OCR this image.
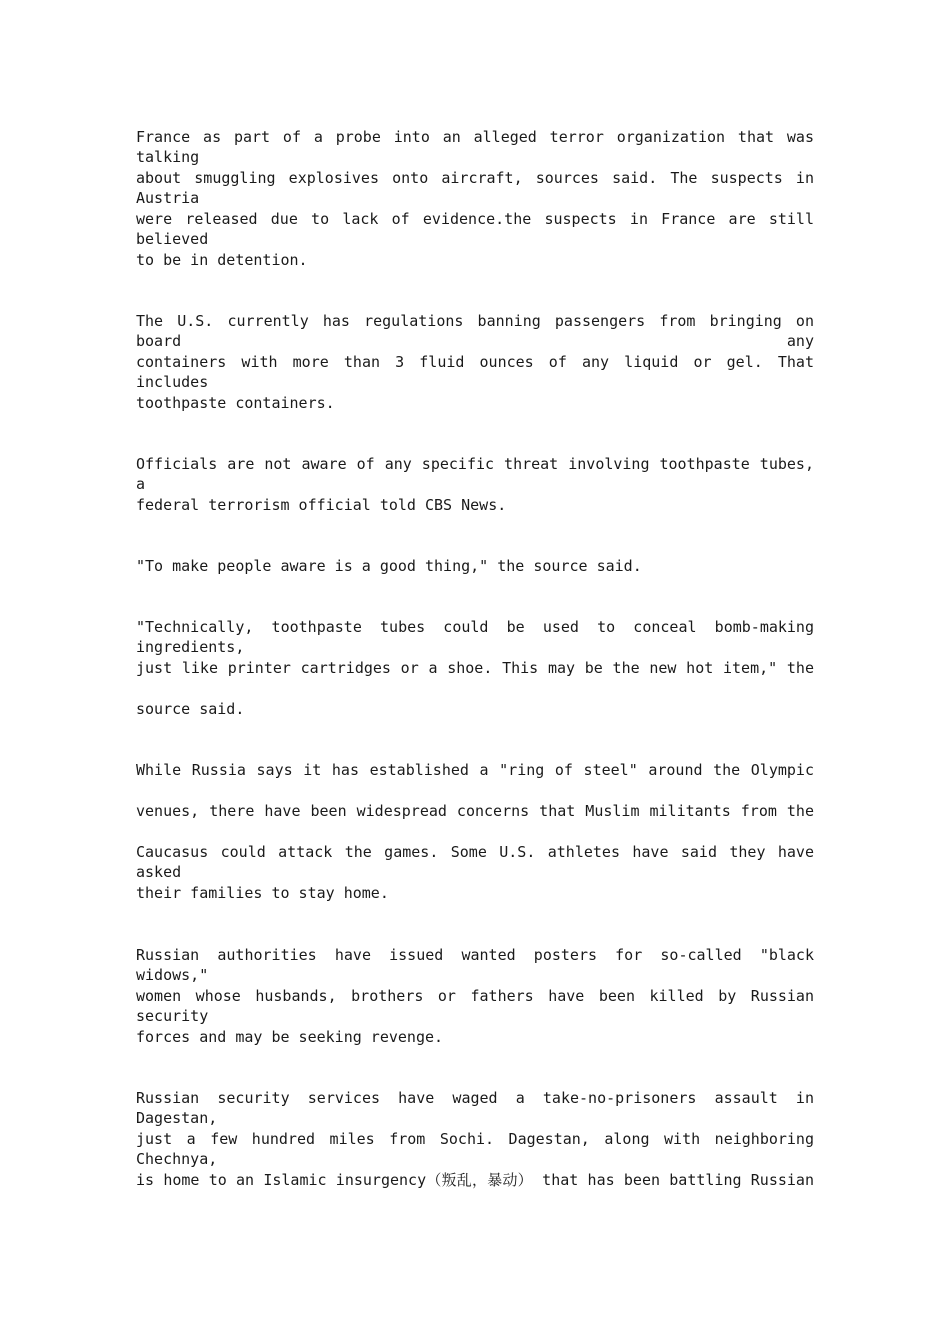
France as part of a probe into an alleged terror organization that was talking
about smuggling explosives onto aircraft, sources said. The suspects in Austria
were released due to lack of evidence.the suspects in France are still believed
to be in detention.
The U.S. currently has regulations banning passengers from bringing on board any
containers with more than 3 fluid ounces of any liquid or gel. That includes
toothpaste containers.
Officials are not aware of any specific threat involving toothpaste tubes, a
federal terrorism official told CBS News.
"To make people aware is a good thing," the source said.
"Technically, toothpaste tubes could be used to conceal bomb-making ingredients,
just like printer cartridges or a shoe. This may be the new hot item," the
source said.
While Russia says it has established a "ring of steel" around the Olympic
venues, there have been widespread concerns that Muslim militants from the
Caucasus could attack the games. Some U.S. athletes have said they have asked
their families to stay home.
Russian authorities have issued wanted posters for so-called "black widows,"
women whose husbands, brothers or fathers have been killed by Russian security
forces and may be seeking revenge.
Russian security services have waged a take-no-prisoners assault in Dagestan,
just a few hundred miles from Sochi. Dagestan, along with neighboring Chechnya,
is home to an Islamic insurgency（叛乱，暴动） that has been battling Russian
